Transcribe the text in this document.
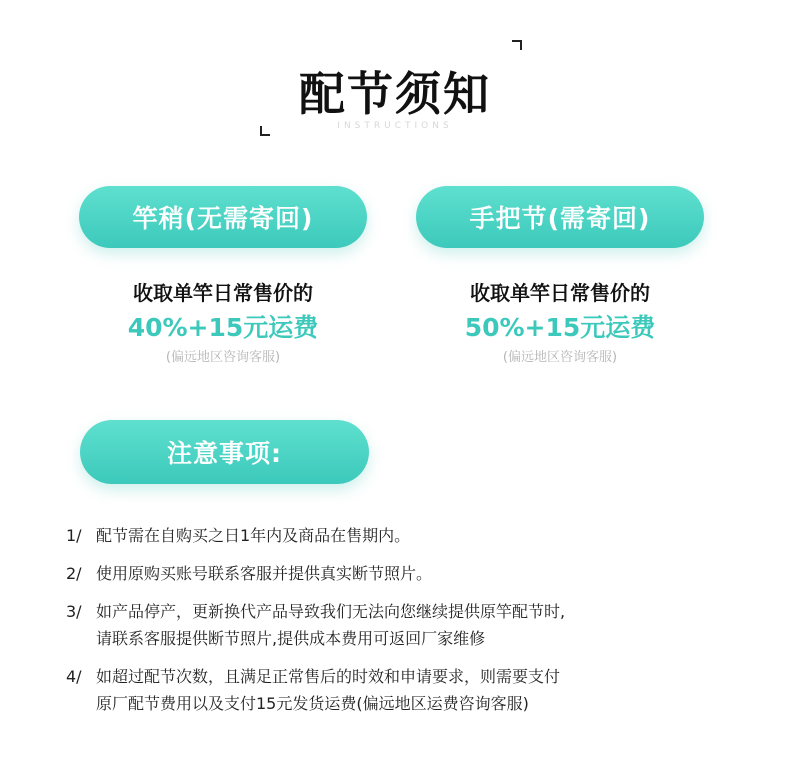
配节须知
INSTRUCTIONS
竿稍(无需寄回)	手把节(需寄回)
收取单竿日常售价的
40%+15元运费
(偏远地区咨询客服)
收取单竿日常售价的
50%+15元运费
(偏远地区咨询客服)
注意事项:
1/ 配节需在自购买之日1年内及商品在售期内。
2/ 使用原购买账号联系客服并提供真实断节照片。
3/ 如产品停产，更新换代产品导致我们无法向您继续提供原竿配节时,
请联系客服提供断节照片,提供成本费用可返回厂家维修
4/ 如超过配节次数，且满足正常售后的时效和申请要求，则需要支付
原厂配节费用以及支付15元发货运费(偏远地区运费咨询客服)
